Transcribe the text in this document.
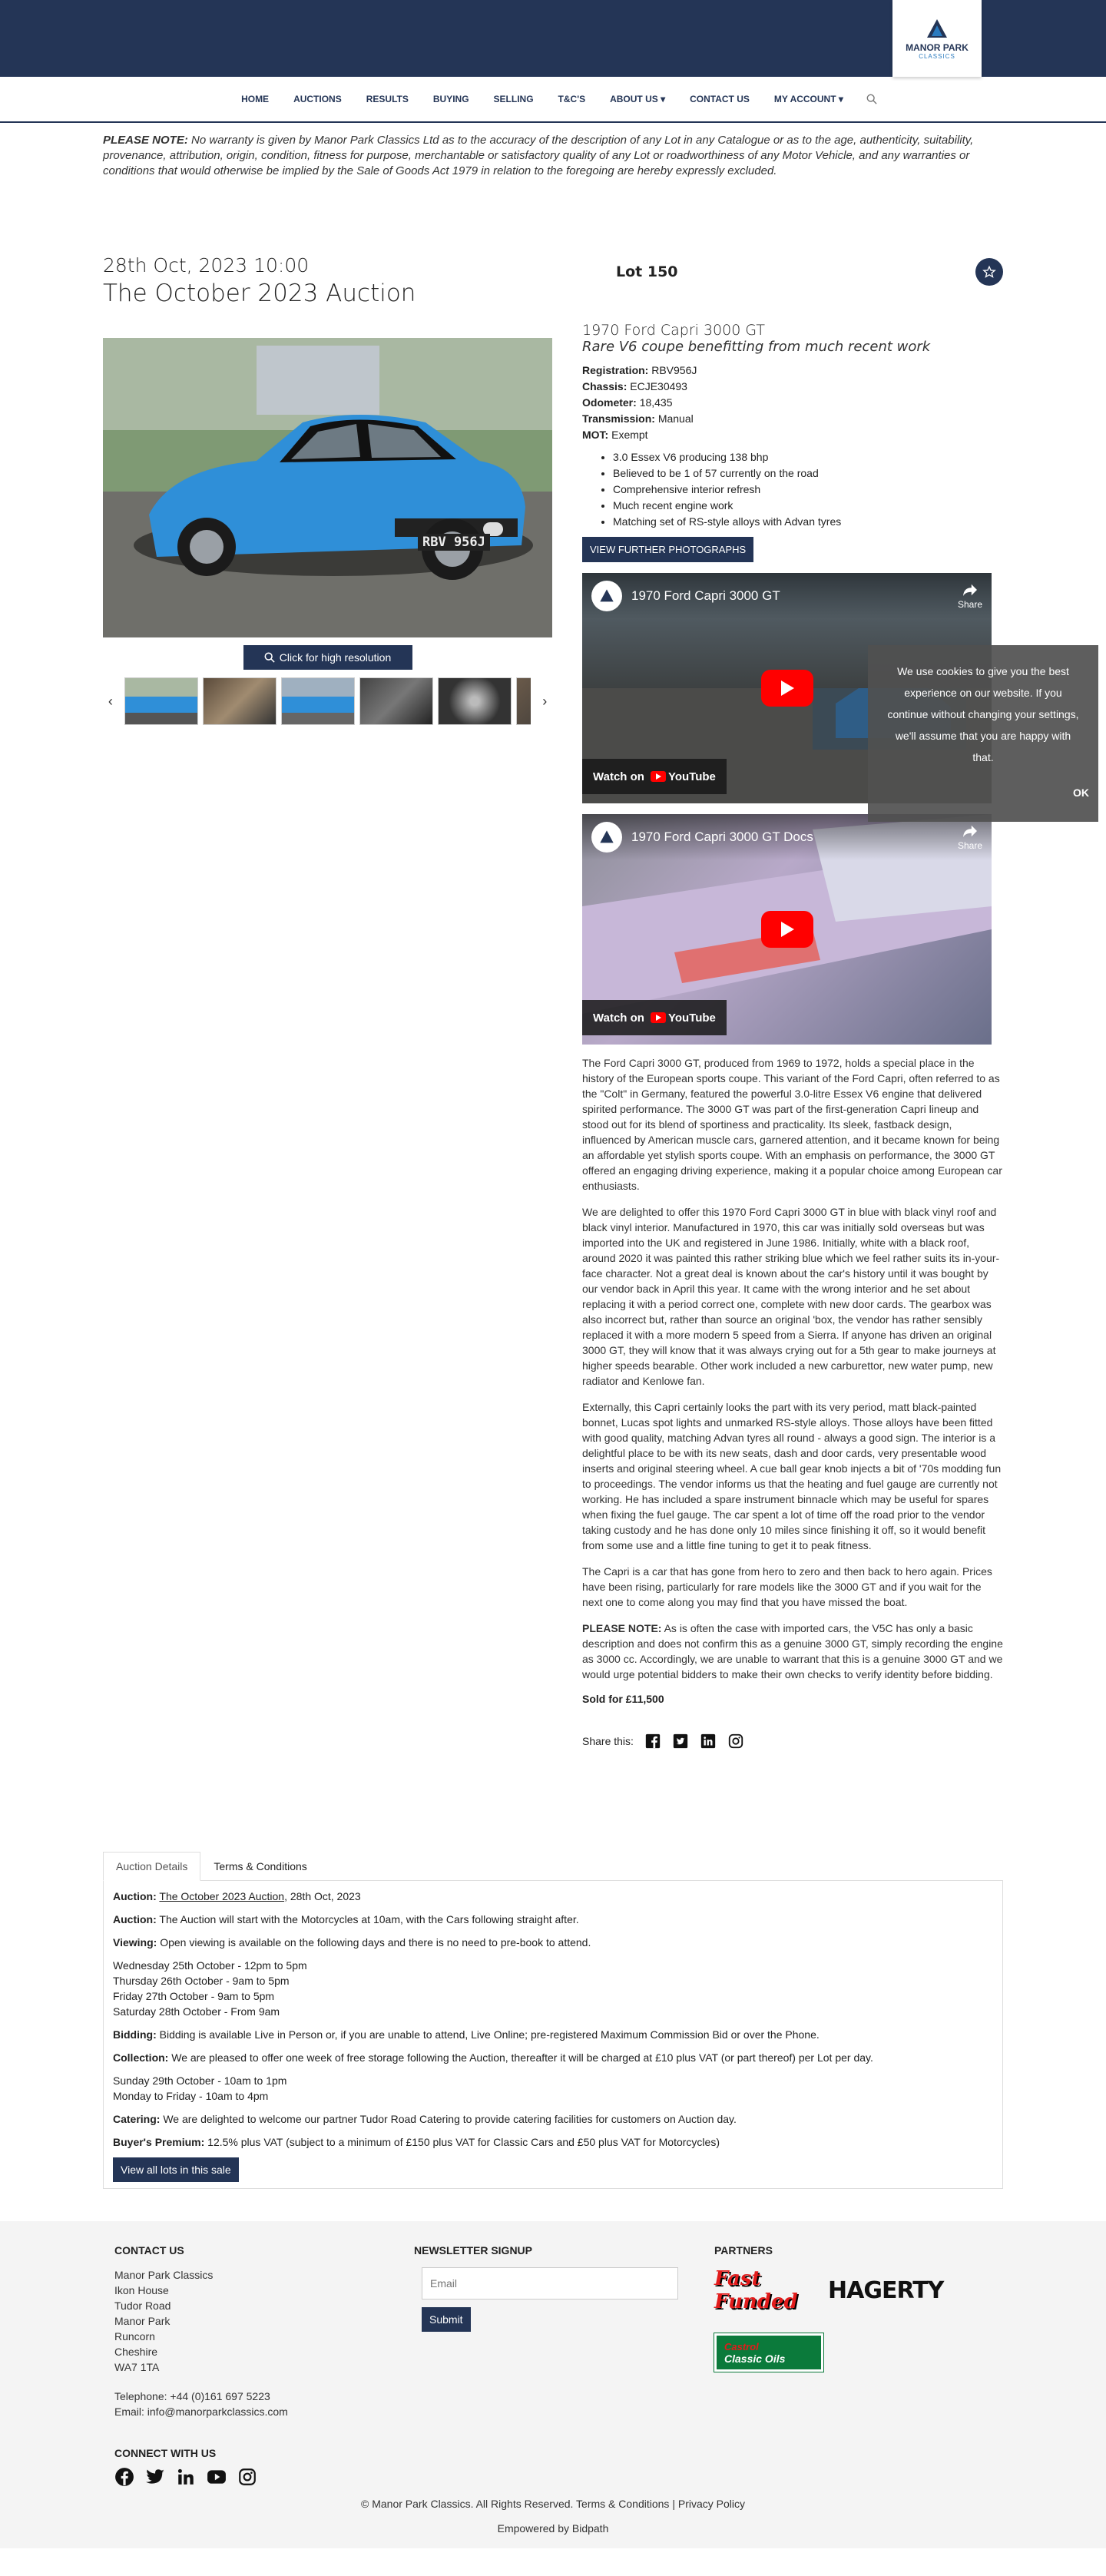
MANOR PARK
CLASSICS
HOME	AUCTIONS	RESULTS	BUYING	SELLING	T&C'S	ABOUT US ▾	CONTACT US	MY ACCOUNT ▾
PLEASE NOTE: No warranty is given by Manor Park Classics Ltd as to the accuracy of the description of any Lot in any Catalogue or as to the age, authenticity, suitability, provenance, attribution, origin, condition, fitness for purpose, merchantable or satisfactory quality of any Lot or roadworthiness of any Motor Vehicle, and any warranties or conditions that would otherwise be implied by the Sale of Goods Act 1979 in relation to the foregoing are hereby expressly excluded.
28th Oct, 2023 10:00
The October 2023 Auction
RBV 956J
Click for high resolution
‹	›
Lot 150
1970 Ford Capri 3000 GT
Rare V6 coupe benefitting from much recent work
Registration: RBV956J
Chassis: ECJE30493
Odometer: 18,435
Transmission: Manual
MOT: Exempt
• 3.0 Essex V6 producing 138 bhp
• Believed to be 1 of 57 currently on the road
• Comprehensive interior refresh
• Much recent engine work
• Matching set of RS-style alloys with Advan tyres
VIEW FURTHER PHOTOGRAPHS
1970 Ford Capri 3000 GT
Share
Watch on YouTube
1970 Ford Capri 3000 GT Docs
Share
Watch on YouTube

The Ford Capri 3000 GT, produced from 1969 to 1972, holds a special place in the history of the European sports coupe. This variant of the Ford Capri, often referred to as the "Colt" in Germany, featured the powerful 3.0-litre Essex V6 engine that delivered spirited performance. The 3000 GT was part of the first-generation Capri lineup and stood out for its blend of sportiness and practicality. Its sleek, fastback design, influenced by American muscle cars, garnered attention, and it became known for being an affordable yet stylish sports coupe. With an emphasis on performance, the 3000 GT offered an engaging driving experience, making it a popular choice among European car enthusiasts.

We are delighted to offer this 1970 Ford Capri 3000 GT in blue with black vinyl roof and black vinyl interior. Manufactured in 1970, this car was initially sold overseas but was imported into the UK and registered in June 1986. Initially, white with a black roof, around 2020 it was painted this rather striking blue which we feel rather suits its in-your-face character. Not a great deal is known about the car's history until it was bought by our vendor back in April this year. It came with the wrong interior and he set about replacing it with a period correct one, complete with new door cards. The gearbox was also incorrect but, rather than source an original 'box, the vendor has rather sensibly replaced it with a more modern 5 speed from a Sierra. If anyone has driven an original 3000 GT, they will know that it was always crying out for a 5th gear to make journeys at higher speeds bearable. Other work included a new carburettor, new water pump, new radiator and Kenlowe fan.

Externally, this Capri certainly looks the part with its very period, matt black-painted bonnet, Lucas spot lights and unmarked RS-style alloys. Those alloys have been fitted with good quality, matching Advan tyres all round - always a good sign. The interior is a delightful place to be with its new seats, dash and door cards, very presentable wood inserts and original steering wheel. A cue ball gear knob injects a bit of '70s modding fun to proceedings. The vendor informs us that the heating and fuel gauge are currently not working. He has included a spare instrument binnacle which may be useful for spares when fixing the fuel gauge. The car spent a lot of time off the road prior to the vendor taking custody and he has done only 10 miles since finishing it off, so it would benefit from some use and a little fine tuning to get it to peak fitness.

The Capri is a car that has gone from hero to zero and then back to hero again. Prices have been rising, particularly for rare models like the 3000 GT and if you wait for the next one to come along you may find that you have missed the boat.

PLEASE NOTE: As is often the case with imported cars, the V5C has only a basic description and does not confirm this as a genuine 3000 GT, simply recording the engine as 3000 cc. Accordingly, we are unable to warrant that this is a genuine 3000 GT and we would urge potential bidders to make their own checks to verify identity before bidding.

Sold for £11,500
Share this:
Auction Details	Terms & Conditions

Auction: The October 2023 Auction, 28th Oct, 2023

Auction: The Auction will start with the Motorcycles at 10am, with the Cars following straight after.

Viewing: Open viewing is available on the following days and there is no need to pre-book to attend.

Wednesday 25th October - 12pm to 5pm
Thursday 26th October - 9am to 5pm
Friday 27th October - 9am to 5pm
Saturday 28th October - From 9am

Bidding: Bidding is available Live in Person or, if you are unable to attend, Live Online; pre-registered Maximum Commission Bid or over the Phone.

Collection: We are pleased to offer one week of free storage following the Auction, thereafter it will be charged at £10 plus VAT (or part thereof) per Lot per day.

Sunday 29th October - 10am to 1pm
Monday to Friday - 10am to 4pm

Catering: We are delighted to welcome our partner Tudor Road Catering to provide catering facilities for customers on Auction day.

Buyer's Premium: 12.5% plus VAT (subject to a minimum of £150 plus VAT for Classic Cars and £50 plus VAT for Motorcycles)

View all lots in this sale
CONTACT US
Manor Park Classics
Ikon House
Tudor Road
Manor Park
Runcorn
Cheshire
WA7 1TA
Telephone: +44 (0)161 697 5223
Email: info@manorparkclassics.com
CONNECT WITH US
NEWSLETTER SIGNUP
Email
Submit
PARTNERS
Fast Funded	HAGERTY
Castrol
Classic Oils
© Manor Park Classics. All Rights Reserved. Terms & Conditions | Privacy Policy
Empowered by Bidpath
We use cookies to give you the best experience on our website. If you continue without changing your settings, we'll assume that you are happy with that.
OK
